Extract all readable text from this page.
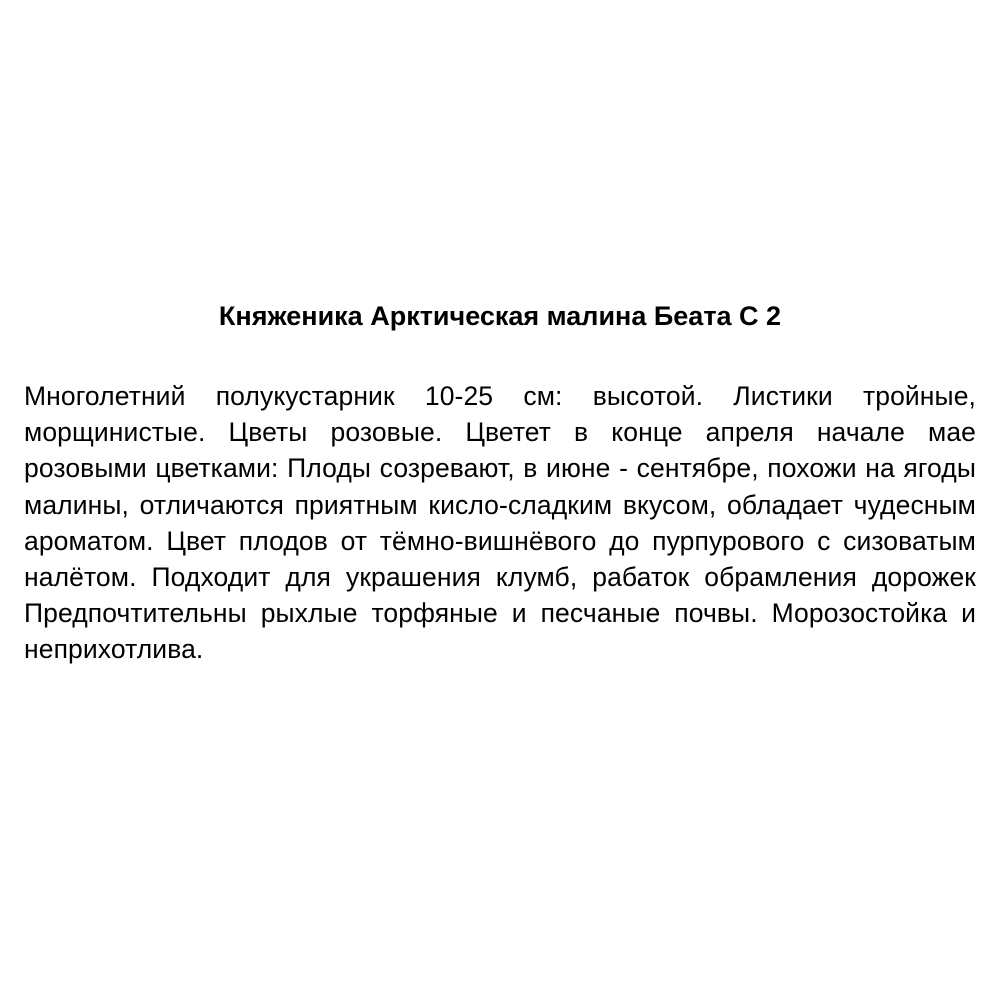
Княженика Арктическая малина Беата С 2

Многолетний полукустарник 10-25 см: высотой. Листики тройные, морщинистые. Цветы розовые. Цветет в конце апреля начале мае розовыми цветками: Плоды созревают, в июне - сентябре, похожи на ягоды малины, отличаются приятным кисло-сладким вкусом, обладает чудесным ароматом. Цвет плодов от тёмно-вишнёвого до пурпурового с сизоватым налётом. Подходит для украшения клумб, рабаток обрамления дорожек Предпочтительны рыхлые торфяные и песчаные почвы. Морозостойка и неприхотлива.
